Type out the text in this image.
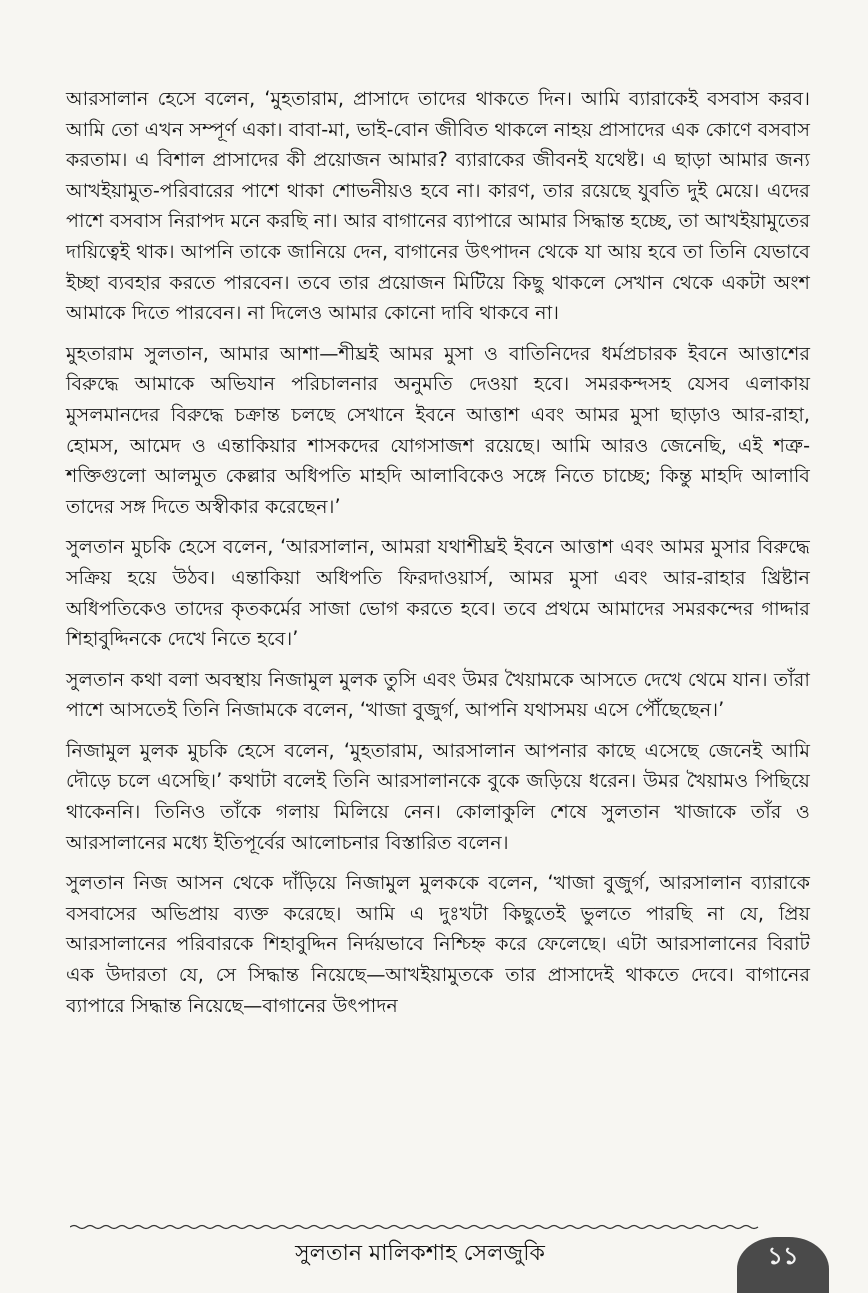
আরসালান হেসে বলেন, ‘মুহতারাম, প্রাসাদে তাদের থাকতে দিন। আমি ব্যারাকেই বসবাস করব। আমি তো এখন সম্পূর্ণ একা। বাবা-মা, ভাই-বোন জীবিত থাকলে নাহয় প্রাসাদের এক কোণে বসবাস করতাম। এ বিশাল প্রাসাদের কী প্রয়োজন আমার? ব্যারাকের জীবনই যথেষ্ট। এ ছাড়া আমার জন্য আখইয়ামুত-পরিবারের পাশে থাকা শোভনীয়ও হবে না। কারণ, তার রয়েছে যুবতি দুই মেয়ে। এদের পাশে বসবাস নিরাপদ মনে করছি না। আর বাগানের ব্যাপারে আমার সিদ্ধান্ত হচ্ছে, তা আখইয়ামুতের দায়িত্বেই থাক। আপনি তাকে জানিয়ে দেন, বাগানের উৎপাদন থেকে যা আয় হবে তা তিনি যেভাবে ইচ্ছা ব্যবহার করতে পারবেন। তবে তার প্রয়োজন মিটিয়ে কিছু থাকলে সেখান থেকে একটা অংশ আমাকে দিতে পারবেন। না দিলেও আমার কোনো দাবি থাকবে না।

মুহতারাম সুলতান, আমার আশা—শীঘ্রই আমর মুসা ও বাতিনিদের ধর্মপ্রচারক ইবনে আত্তাশের বিরুদ্ধে আমাকে অভিযান পরিচালনার অনুমতি দেওয়া হবে। সমরকন্দসহ যেসব এলাকায় মুসলমানদের বিরুদ্ধে চক্রান্ত চলছে সেখানে ইবনে আত্তাশ এবং আমর মুসা ছাড়াও আর-রাহা, হোমস, আমেদ ও এন্তাকিয়ার শাসকদের যোগসাজশ রয়েছে। আমি আরও জেনেছি, এই শত্রু-শক্তিগুলো আলমুত কেল্লার অধিপতি মাহদি আলাবিকেও সঙ্গে নিতে চাচ্ছে; কিন্তু মাহদি আলাবি তাদের সঙ্গ দিতে অস্বীকার করেছেন।’

সুলতান মুচকি হেসে বলেন, ‘আরসালান, আমরা যথাশীঘ্রই ইবনে আত্তাশ এবং আমর মুসার বিরুদ্ধে সক্রিয় হয়ে উঠব। এন্তাকিয়া অধিপতি ফিরদাওয়ার্স, আমর মুসা এবং আর-রাহার খ্রিষ্টান অধিপতিকেও তাদের কৃতকর্মের সাজা ভোগ করতে হবে। তবে প্রথমে আমাদের সমরকন্দের গাদ্দার শিহাবুদ্দিনকে দেখে নিতে হবে।’

সুলতান কথা বলা অবস্থায় নিজামুল মুলক তুসি এবং উমর খৈয়ামকে আসতে দেখে থেমে যান। তাঁরা পাশে আসতেই তিনি নিজামকে বলেন, ‘খাজা বুজুর্গ, আপনি যথাসময় এসে পৌঁছেছেন।’

নিজামুল মুলক মুচকি হেসে বলেন, ‘মুহতারাম, আরসালান আপনার কাছে এসেছে জেনেই আমি দৌড়ে চলে এসেছি।’ কথাটা বলেই তিনি আরসালানকে বুকে জড়িয়ে ধরেন। উমর খৈয়ামও পিছিয়ে থাকেননি। তিনিও তাঁকে গলায় মিলিয়ে নেন। কোলাকুলি শেষে সুলতান খাজাকে তাঁর ও আরসালানের মধ্যে ইতিপূর্বের আলোচনার বিস্তারিত বলেন।

সুলতান নিজ আসন থেকে দাঁড়িয়ে নিজামুল মুলককে বলেন, ‘খাজা বুজুর্গ, আরসালান ব্যারাকে বসবাসের অভিপ্রায় ব্যক্ত করেছে। আমি এ দুঃখটা কিছুতেই ভুলতে পারছি না যে, প্রিয় আরসালানের পরিবারকে শিহাবুদ্দিন নির্দয়ভাবে নিশ্চিহ্ন করে ফেলেছে। এটা আরসালানের বিরাট এক উদারতা যে, সে সিদ্ধান্ত নিয়েছে—আখইয়ামুতকে তার প্রাসাদেই থাকতে দেবে। বাগানের ব্যাপারে সিদ্ধান্ত নিয়েছে—বাগানের উৎপাদন

সুলতান মালিকশাহ সেলজুকি	১১
